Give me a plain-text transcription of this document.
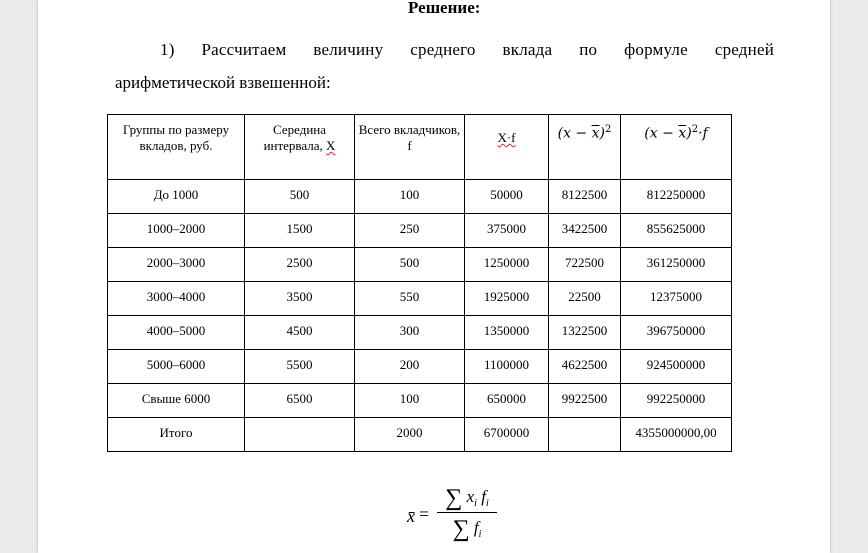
Решение:
1) Рассчитаем величину среднего вклада по формуле средней
арифметической взвешенной:
Группы по размеру вкладов, руб.	Середина интервала, X	Всего вкладчиков, f	X·f	$(x - \overline{x})^2$	$(x - \overline{x})^2\cdot f$
До 1000	500	100	50000	8122500	812250000
1000–2000	1500	250	375000	3422500	855625000
2000–3000	2500	500	1250000	722500	361250000
3000–4000	3500	550	1925000	22500	12375000
4000–5000	4500	300	1350000	1322500	396750000
5000–6000	5500	200	1100000	4622500	924500000
Свыше 6000	6500	100	650000	9922500	992250000
Итого		2000	6700000		4355000000,00
x̄ =
∑ $x_i$ $f_i$
∑ $f_i$
